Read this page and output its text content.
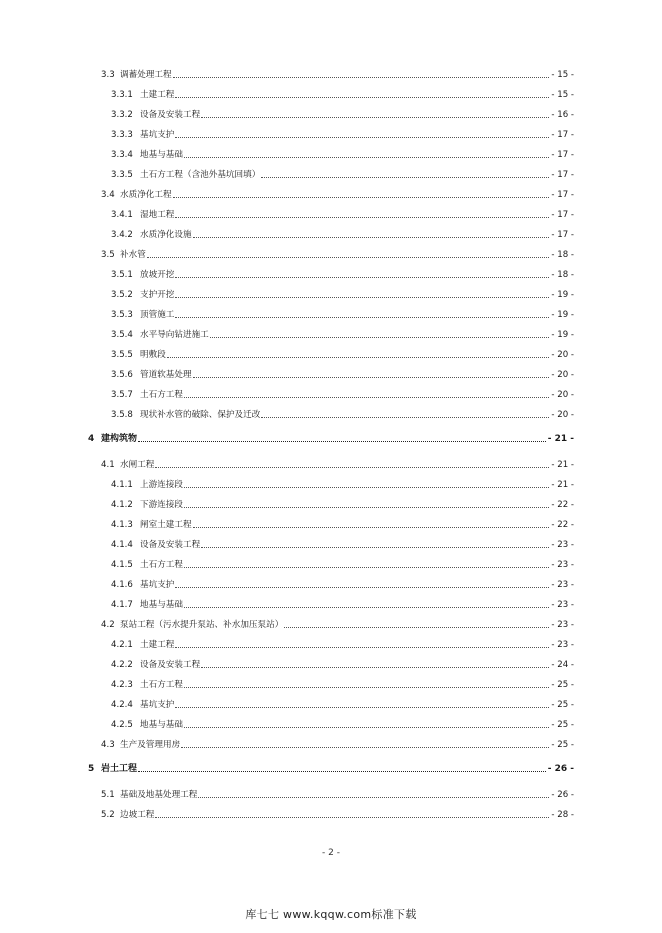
3.3 调蓄处理工程	- 15 -
3.3.1 土建工程	- 15 -
3.3.2 设备及安装工程	- 16 -
3.3.3 基坑支护	- 17 -
3.3.4 地基与基础	- 17 -
3.3.5 土石方工程（含池外基坑回填）	- 17 -
3.4 水质净化工程	- 17 -
3.4.1 湿地工程	- 17 -
3.4.2 水质净化设施	- 17 -
3.5 补水管	- 18 -
3.5.1 放坡开挖	- 18 -
3.5.2 支护开挖	- 19 -
3.5.3 顶管施工	- 19 -
3.5.4 水平导向钻进施工	- 19 -
3.5.5 明敷段	- 20 -
3.5.6 管道软基处理	- 20 -
3.5.7 土石方工程	- 20 -
3.5.8 现状补水管的破除、保护及迁改	- 20 -
4 建构筑物	- 21 -
4.1 水闸工程	- 21 -
4.1.1 上游连接段	- 21 -
4.1.2 下游连接段	- 22 -
4.1.3 闸室土建工程	- 22 -
4.1.4 设备及安装工程	- 23 -
4.1.5 土石方工程	- 23 -
4.1.6 基坑支护	- 23 -
4.1.7 地基与基础	- 23 -
4.2 泵站工程（污水提升泵站、补水加压泵站）	- 23 -
4.2.1 土建工程	- 23 -
4.2.2 设备及安装工程	- 24 -
4.2.3 土石方工程	- 25 -
4.2.4 基坑支护	- 25 -
4.2.5 地基与基础	- 25 -
4.3 生产及管理用房	- 25 -
5 岩土工程	- 26 -
5.1 基础及地基处理工程	- 26 -
5.2 边坡工程	- 28 -
- 2 -
库七七 www.kqqw.com标准下载
